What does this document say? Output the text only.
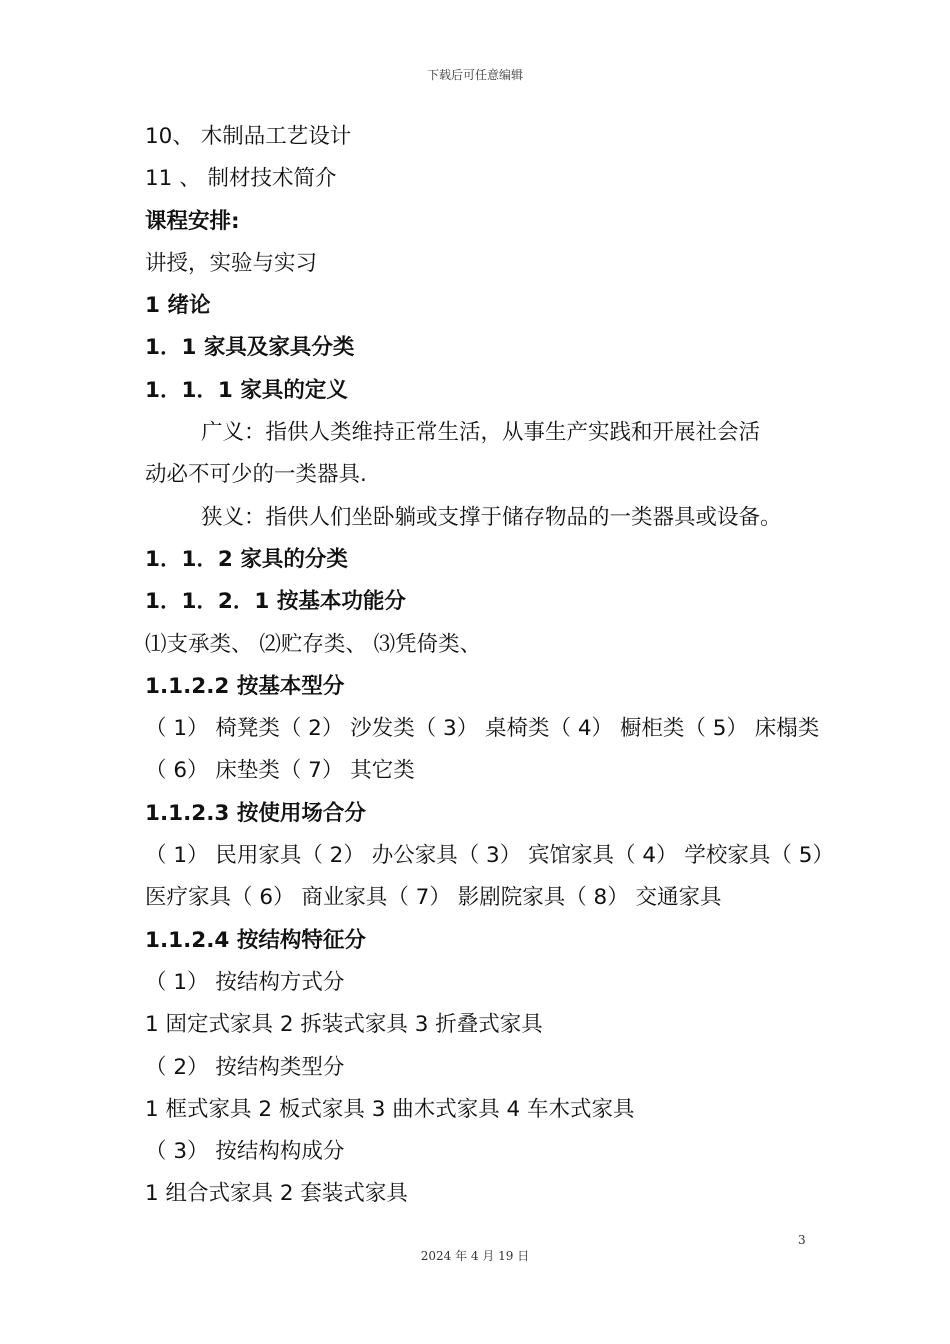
下载后可任意编辑
10、 木制品工艺设计
11 、 制材技术简介
课程安排:
讲授，实验与实习
1 绪论
1．1 家具及家具分类
1．1．1 家具的定义
广义：指供人类维持正常生活，从事生产实践和开展社会活
动必不可少的一类器具.
狭义：指供人们坐卧躺或支撑于储存物品的一类器具或设备。
1．1．2 家具的分类
1．1．2．1 按基本功能分
⑴支承类、 ⑵贮存类、 ⑶凭倚类、
1.1.2.2 按基本型分
（ 1） 椅凳类（ 2） 沙发类（ 3） 桌椅类（ 4） 橱柜类（ 5） 床榻类
（ 6） 床垫类（ 7） 其它类
1.1.2.3 按使用场合分
（ 1） 民用家具（ 2） 办公家具（ 3） 宾馆家具（ 4） 学校家具（ 5）
医疗家具（ 6） 商业家具（ 7） 影剧院家具（ 8） 交通家具
1.1.2.4 按结构特征分
（ 1） 按结构方式分
1 固定式家具 2 拆装式家具 3 折叠式家具
（ 2） 按结构类型分
1 框式家具 2 板式家具 3 曲木式家具 4 车木式家具
（ 3） 按结构构成分
1 组合式家具 2 套装式家具
3
2024 年 4 月 19 日
